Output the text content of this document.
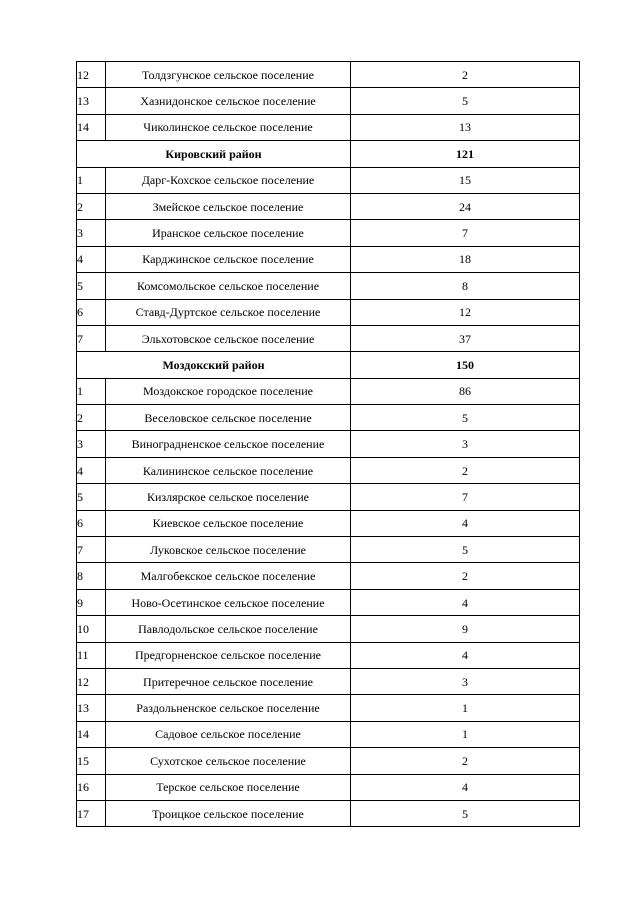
12	Толдзгунское сельское поселение	2
13	Хазнидонское сельское поселение	5
14	Чиколинское сельское поселение	13
Кировский район		121
1	Дарг-Кохское сельское поселение	15
2	Змейское сельское поселение	24
3	Иранское сельское поселение	7
4	Карджинское сельское поселение	18
5	Комсомольское сельское поселение	8
6	Ставд-Дуртское сельское поселение	12
7	Эльхотовское сельское поселение	37
Моздокский район		150
1	Моздокское городское поселение	86
2	Веселовское сельское поселение	5
3	Виноградненское сельское поселение	3
4	Калининское сельское поселение	2
5	Кизлярское сельское поселение	7
6	Киевское сельское поселение	4
7	Луковское сельское поселение	5
8	Малгобекское сельское поселение	2
9	Ново-Осетинское сельское поселение	4
10	Павлодольское сельское поселение	9
11	Предгорненское сельское поселение	4
12	Притеречное сельское поселение	3
13	Раздольненское сельское поселение	1
14	Садовое сельское поселение	1
15	Сухотское сельское поселение	2
16	Терское сельское поселение	4
17	Троицкое сельское поселение	5
